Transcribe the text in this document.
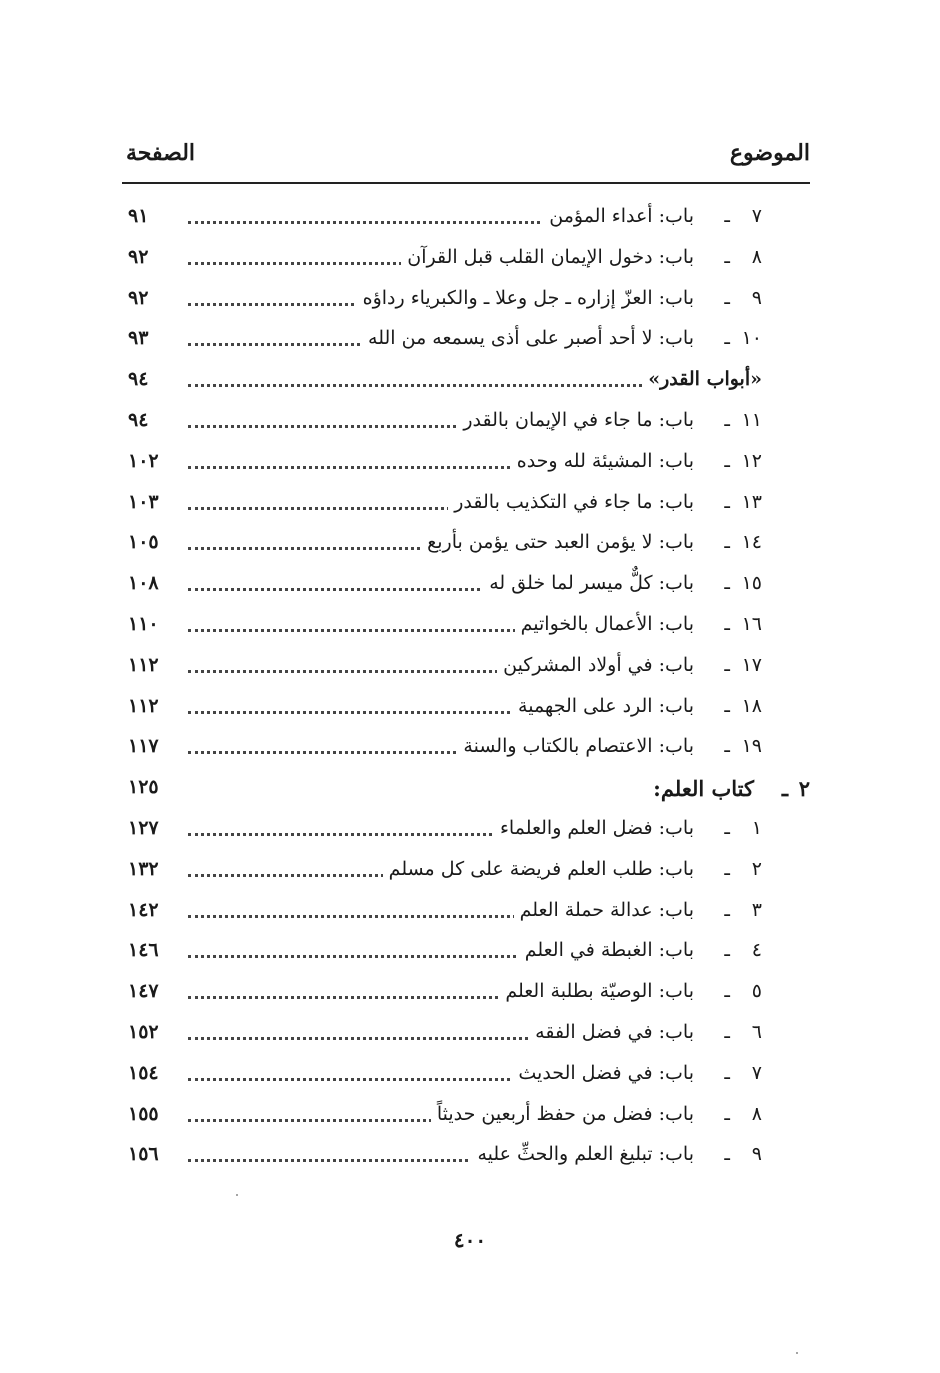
الموضوع
الصفحة
٧
ـ
باب: أعداء المؤمن
٩١
٨
ـ
باب: دخول الإيمان القلب قبل القرآن
٩٢
٩
ـ
باب: العزّ إزاره ـ جل وعلا ـ والكبرياء رداؤه
٩٢
١٠
ـ
باب: لا أحد أصبر على أذى يسمعه من الله
٩٣
«أبواب القدر»
٩٤
١١
ـ
باب: ما جاء في الإيمان بالقدر
٩٤
١٢
ـ
باب: المشيئة لله وحده
١٠٢
١٣
ـ
باب: ما جاء في التكذيب بالقدر
١٠٣
١٤
ـ
باب: لا يؤمن العبد حتى يؤمن بأربع
١٠٥
١٥
ـ
باب: كلٌّ ميسر لما خلق له
١٠٨
١٦
ـ
باب: الأعمال بالخواتيم
١١٠
١٧
ـ
باب: في أولاد المشركين
١١٢
١٨
ـ
باب: الرد على الجهمية
١١٢
١٩
ـ
باب: الاعتصام بالكتاب والسنة
١١٧
٢
ـ
كتاب العلم:
١٢٥
١
ـ
باب: فضل العلم والعلماء
١٢٧
٢
ـ
باب: طلب العلم فريضة على كل مسلم
١٣٢
٣
ـ
باب: عدالة حملة العلم
١٤٢
٤
ـ
باب: الغبطة في العلم
١٤٦
٥
ـ
باب: الوصيّة بطلبة العلم
١٤٧
٦
ـ
باب: في فضل الفقه
١٥٢
٧
ـ
باب: في فضل الحديث
١٥٤
٨
ـ
باب: فضل من حفظ أربعين حديثاً
١٥٥
٩
ـ
باب: تبليغ العلم والحثِّ عليه
١٥٦
٤٠٠
